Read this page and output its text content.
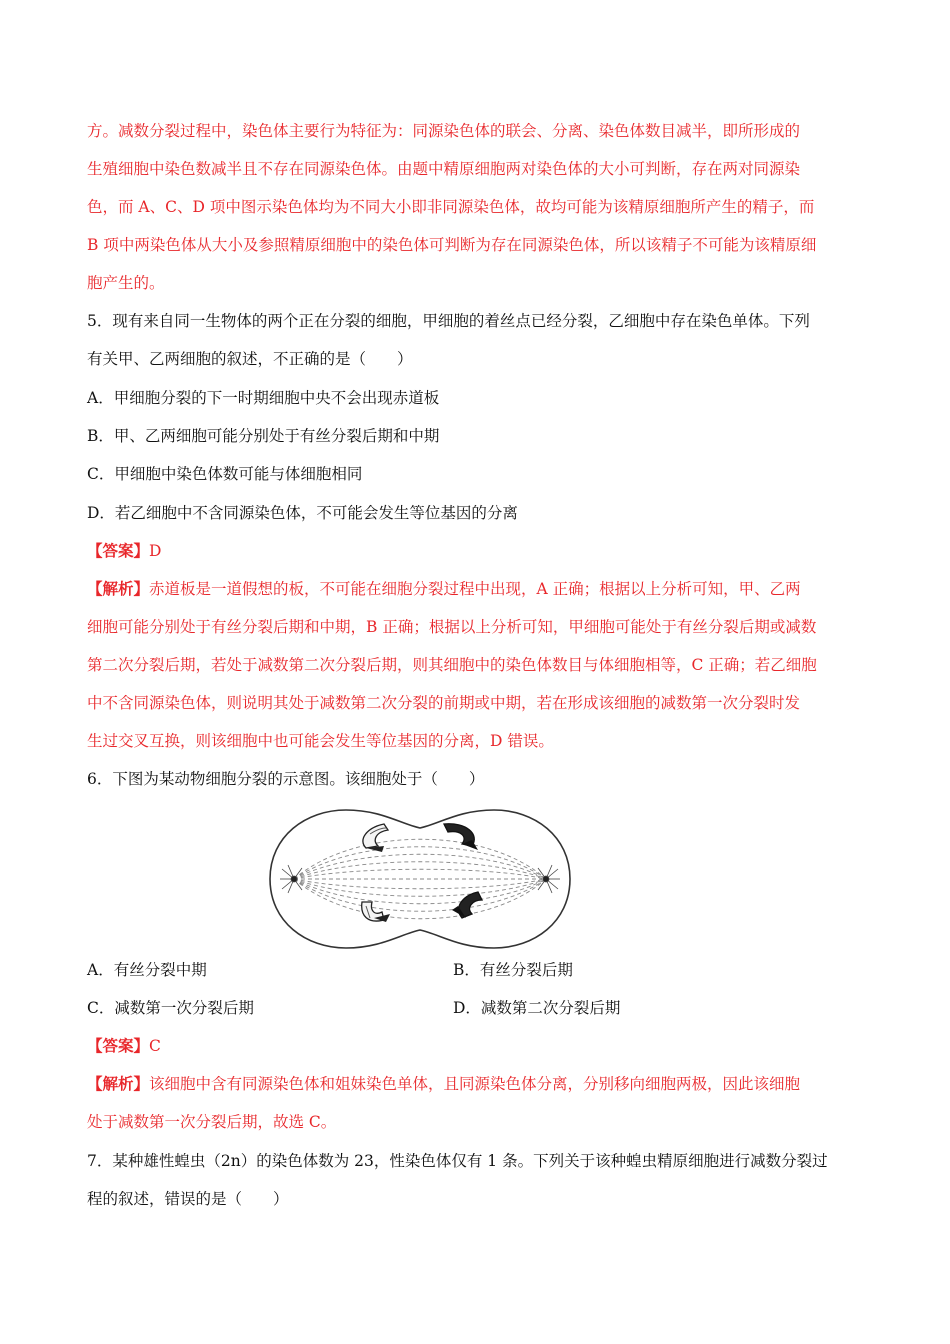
方。减数分裂过程中，染色体主要行为特征为：同源染色体的联会、分离、染色体数目减半，即所形成的

生殖细胞中染色数减半且不存在同源染色体。由题中精原细胞两对染色体的大小可判断，存在两对同源染

色，而 A、C、D 项中图示染色体均为不同大小即非同源染色体，故均可能为该精原细胞所产生的精子，而

B 项中两染色体从大小及参照精原细胞中的染色体可判断为存在同源染色体，所以该精子不可能为该精原细

胞产生的。

5．现有来自同一生物体的两个正在分裂的细胞，甲细胞的着丝点已经分裂，乙细胞中存在染色单体。下列

有关甲、乙两细胞的叙述，不正确的是（　　）

A．甲细胞分裂的下一时期细胞中央不会出现赤道板

B．甲、乙两细胞可能分别处于有丝分裂后期和中期

C．甲细胞中染色体数可能与体细胞相同

D．若乙细胞中不含同源染色体，不可能会发生等位基因的分离

【答案】D

【解析】赤道板是一道假想的板，不可能在细胞分裂过程中出现，A 正确；根据以上分析可知，甲、乙两

细胞可能分别处于有丝分裂后期和中期，B 正确；根据以上分析可知，甲细胞可能处于有丝分裂后期或减数

第二次分裂后期，若处于减数第二次分裂后期，则其细胞中的染色体数目与体细胞相等，C 正确；若乙细胞

中不含同源染色体，则说明其处于减数第二次分裂的前期或中期，若在形成该细胞的减数第一次分裂时发

生过交叉互换，则该细胞中也可能会发生等位基因的分离，D 错误。

6．下图为某动物细胞分裂的示意图。该细胞处于（　　）

A．有丝分裂中期	B．有丝分裂后期

C．减数第一次分裂后期	D．减数第二次分裂后期

【答案】C

【解析】该细胞中含有同源染色体和姐妹染色单体，且同源染色体分离，分别移向细胞两极，因此该细胞

处于减数第一次分裂后期，故选 C。

7．某种雄性蝗虫（2n）的染色体数为 23，性染色体仅有 1 条。下列关于该种蝗虫精原细胞进行减数分裂过

程的叙述，错误的是（　　）
